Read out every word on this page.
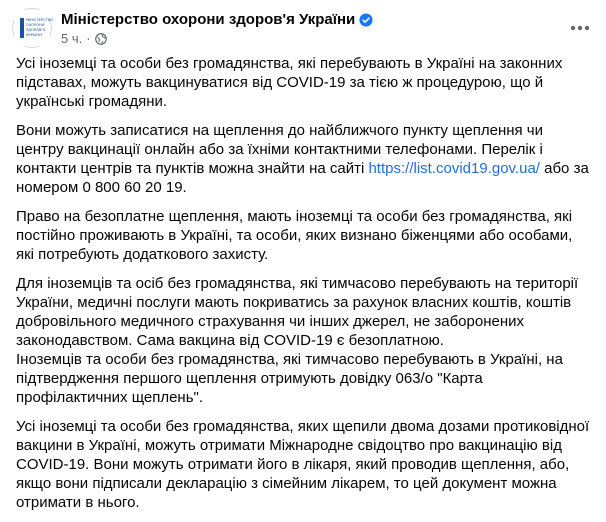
МІНІСТЕРСТВО
ОХОРОНИ
ЗДОРОВ'Я
УКРАЇНИ
Міністерство охорони здоров'я України
5 ч. ·

Усі іноземці та особи без громадянства, які перебувають в Україні на законних підставах, можуть вакцинуватися від COVID-19 за тією ж процедурою, що й українські громадяни.

Вони можуть записатися на щеплення до найближчого пункту щеплення чи центру вакцинації онлайн або за їхніми контактними телефонами. Перелік і контакти центрів та пунктів можна знайти на сайті https://list.covid19.gov.ua/ або за номером 0 800 60 20 19.

Право на безоплатне щеплення, мають іноземці та особи без громадянства, які постійно проживають в Україні, та особи, яких визнано біженцями або особами, які потребують додаткового захисту.

Для іноземців та осіб без громадянства, які тимчасово перебувають на території України, медичні послуги мають покриватись за рахунок власних коштів, коштів добровільного медичного страхування чи інших джерел, не заборонених законодавством. Сама вакцина від COVID-19 є безоплатною.
Іноземців та особи без громадянства, які тимчасово перебувають в Україні, на підтвердження першого щеплення отримують довідку 063/о "Карта профілактичних щеплень".

Усі іноземці та особи без громадянства, яких щепили двома дозами протиковідної вакцини в Україні, можуть отримати Міжнародне свідоцтво про вакцинацію від COVID-19. Вони можуть отримати його в лікаря, який проводив щеплення, або, якщо вони підписали декларацію з сімейним лікарем, то цей документ можна отримати в нього.
